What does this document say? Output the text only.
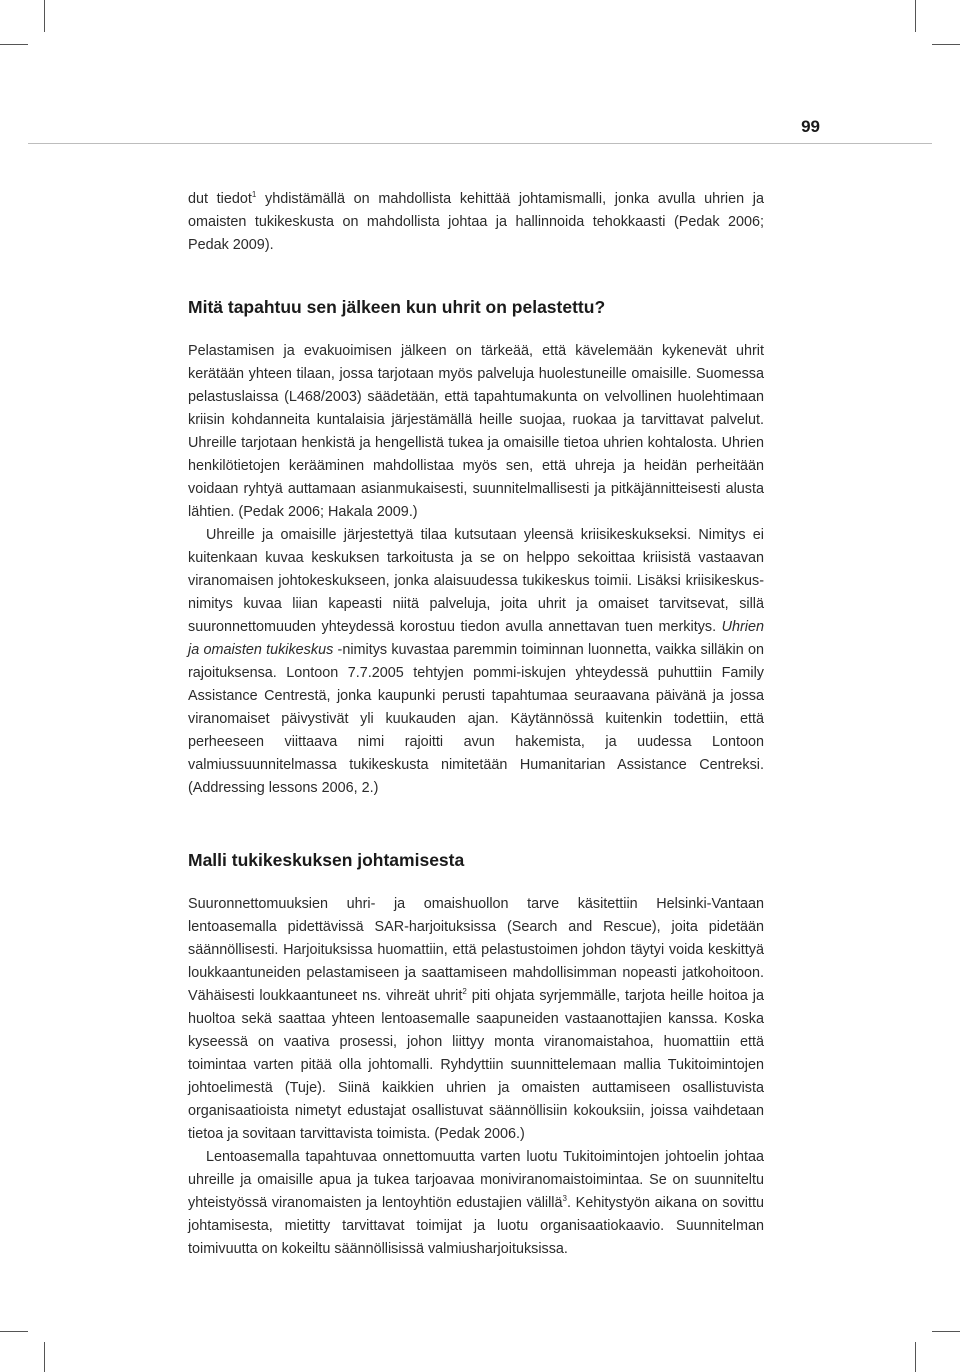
99

dut tiedot$^1$ yhdistämällä on mahdollista kehittää johtamismalli, jonka avulla uhrien ja omaisten tukikeskusta on mahdollista johtaa ja hallinnoida tehokkaasti (Pedak 2006; Pedak 2009).

Mitä tapahtuu sen jälkeen kun uhrit on pelastettu?

Pelastamisen ja evakuoimisen jälkeen on tärkeää, että kävelemään kykenevät uhrit kerätään yhteen tilaan, jossa tarjotaan myös palveluja huolestuneille omaisille. Suomessa pelastuslaissa (L468/2003) säädetään, että tapahtumakunta on velvollinen huolehtimaan kriisin kohdanneita kuntalaisia järjestämällä heille suojaa, ruokaa ja tarvittavat palvelut. Uhreille tarjotaan henkistä ja hengellistä tukea ja omaisille tietoa uhrien kohtalosta. Uhrien henkilötietojen kerääminen mahdollistaa myös sen, että uhreja ja heidän perheitään voidaan ryhtyä auttamaan asianmukaisesti, suunnitelmallisesti ja pitkäjännitteisesti alusta lähtien. (Pedak 2006; Hakala 2009.)

Uhreille ja omaisille järjestettyä tilaa kutsutaan yleensä kriisikeskukseksi. Nimitys ei kuitenkaan kuvaa keskuksen tarkoitusta ja se on helppo sekoittaa kriisistä vastaavan viranomaisen johtokeskukseen, jonka alaisuudessa tukikeskus toimii. Lisäksi kriisikeskus-nimitys kuvaa liian kapeasti niitä palveluja, joita uhrit ja omaiset tarvitsevat, sillä suuronnettomuuden yhteydessä korostuu tiedon avulla annettavan tuen merkitys. Uhrien ja omaisten tukikeskus -nimitys kuvastaa paremmin toiminnan luonnetta, vaikka silläkin on rajoituksensa. Lontoon 7.7.2005 tehtyjen pommi-iskujen yhteydessä puhuttiin Family Assistance Centrestä, jonka kaupunki perusti tapahtumaa seuraavana päivänä ja jossa viranomaiset päivystivät yli kuukauden ajan. Käytännössä kuitenkin todettiin, että perheeseen viittaava nimi rajoitti avun hakemista, ja uudessa Lontoon valmiussuunnitelmassa tukikeskusta nimitetään Humanitarian Assistance Centreksi. (Addressing lessons 2006, 2.)

Malli tukikeskuksen johtamisesta

Suuronnettomuuksien uhri- ja omaishuollon tarve käsitettiin Helsinki-Vantaan lentoasemalla pidettävissä SAR-harjoituksissa (Search and Rescue), joita pidetään säännöllisesti. Harjoituksissa huomattiin, että pelastustoimen johdon täytyi voida keskittyä loukkaantuneiden pelastamiseen ja saattamiseen mahdollisimman nopeasti jatkohoitoon. Vähäisesti loukkaantuneet ns. vihreät uhrit$^2$ piti ohjata syrjemmälle, tarjota heille hoitoa ja huoltoa sekä saattaa yhteen lentoasemalle saapuneiden vastaanottajien kanssa. Koska kyseessä on vaativa prosessi, johon liittyy monta viranomaistahoa, huomattiin että toimintaa varten pitää olla johtomalli. Ryhdyttiin suunnittelemaan mallia Tukitoimintojen johtoelimestä (Tuje). Siinä kaikkien uhrien ja omaisten auttamiseen osallistuvista organisaatioista nimetyt edustajat osallistuvat säännöllisiin kokouksiin, joissa vaihdetaan tietoa ja sovitaan tarvittavista toimista. (Pedak 2006.)

Lentoasemalla tapahtuvaa onnettomuutta varten luotu Tukitoimintojen johtoelin johtaa uhreille ja omaisille apua ja tukea tarjoavaa moniviranomaistoimintaa. Se on suunniteltu yhteistyössä viranomaisten ja lentoyhtiön edustajien välillä$^3$. Kehitystyön aikana on sovittu johtamisesta, mietitty tarvittavat toimijat ja luotu organisaatiokaavio. Suunnitelman toimivuutta on kokeiltu säännöllisissä valmiusharjoituksissa.
